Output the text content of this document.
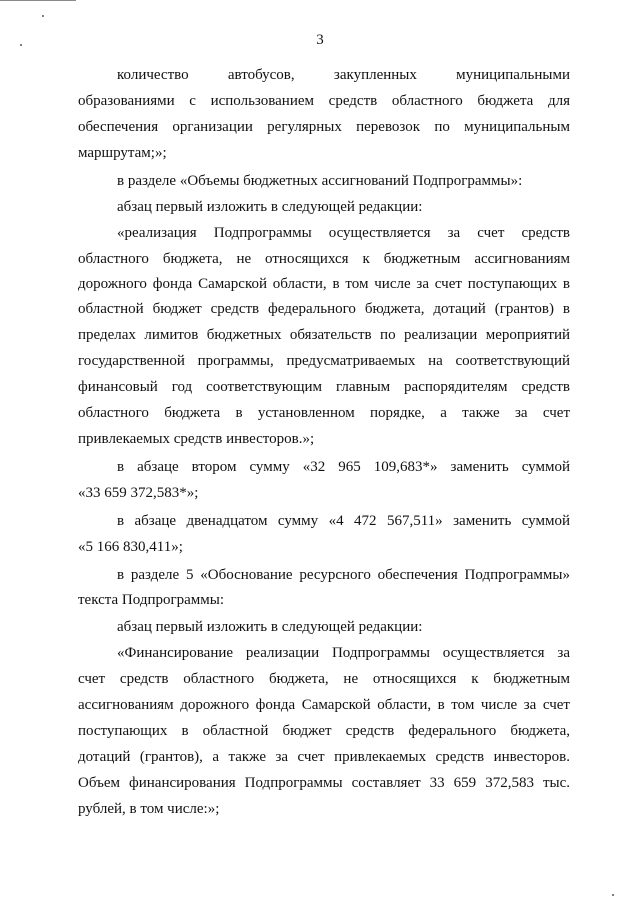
3
количество автобусов, закупленных муниципальными
образованиями с использованием средств областного бюджета для
обеспечения организации регулярных перевозок по муниципальным
маршрутам;»;
в разделе «Объемы бюджетных ассигнований Подпрограммы»:
абзац первый изложить в следующей редакции:
«реализация Подпрограммы осуществляется за счет средств
областного бюджета, не относящихся к бюджетным ассигнованиям
дорожного фонда Самарской области, в том числе за счет поступающих в
областной бюджет средств федерального бюджета, дотаций (грантов) в
пределах лимитов бюджетных обязательств по реализации мероприятий
государственной программы, предусматриваемых на соответствующий
финансовый год соответствующим главным распорядителям средств
областного бюджета в установленном порядке, а также за счет
привлекаемых средств инвесторов.»;
в абзаце втором сумму «32 965 109,683*» заменить суммой
«33 659 372,583*»;
в абзаце двенадцатом сумму «4 472 567,511» заменить суммой
«5 166 830,411»;
в разделе 5 «Обоснование ресурсного обеспечения Подпрограммы»
текста Подпрограммы:
абзац первый изложить в следующей редакции:
«Финансирование реализации Подпрограммы осуществляется за
счет средств областного бюджета, не относящихся к бюджетным
ассигнованиям дорожного фонда Самарской области, в том числе за счет
поступающих в областной бюджет средств федерального бюджета,
дотаций (грантов), а также за счет привлекаемых средств инвесторов.
Объем финансирования Подпрограммы составляет 33 659 372,583 тыс.
рублей, в том числе:»;
